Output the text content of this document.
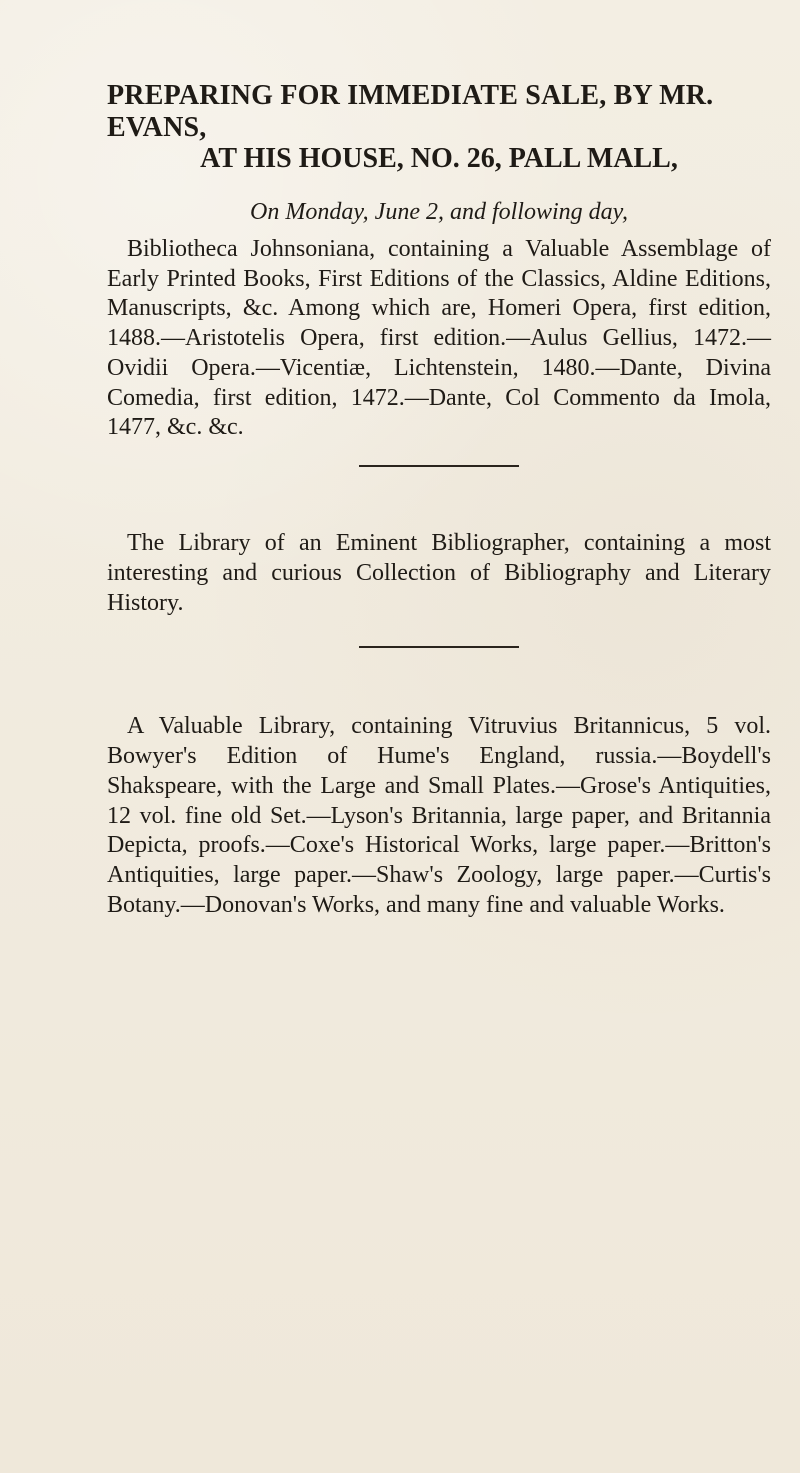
PREPARING FOR IMMEDIATE SALE, BY MR. EVANS,
AT HIS HOUSE, NO. 26, PALL MALL,

On Monday, June 2, and following day,

Bibliotheca Johnsoniana, containing a Valuable Assemblage of Early Printed Books, First Editions of the Classics, Aldine Editions, Manuscripts, &c. Among which are, Homeri Opera, first edition, 1488.—Aristotelis Opera, first edition.—Aulus Gellius, 1472.—Ovidii Opera.—Vicentiæ, Lichtenstein, 1480.—Dante, Divina Comedia, first edition, 1472.—Dante, Col Commento da Imola, 1477, &c. &c.

The Library of an Eminent Bibliographer, containing a most interesting and curious Collection of Bibliography and Literary History.

A Valuable Library, containing Vitruvius Britannicus, 5 vol. Bowyer's Edition of Hume's England, russia.—Boydell's Shakspeare, with the Large and Small Plates.—Grose's Antiquities, 12 vol. fine old Set.—Lyson's Britannia, large paper, and Britannia Depicta, proofs.—Coxe's Historical Works, large paper.—Britton's Antiquities, large paper.—Shaw's Zoology, large paper.—Curtis's Botany.—Donovan's Works, and many fine and valuable Works.
